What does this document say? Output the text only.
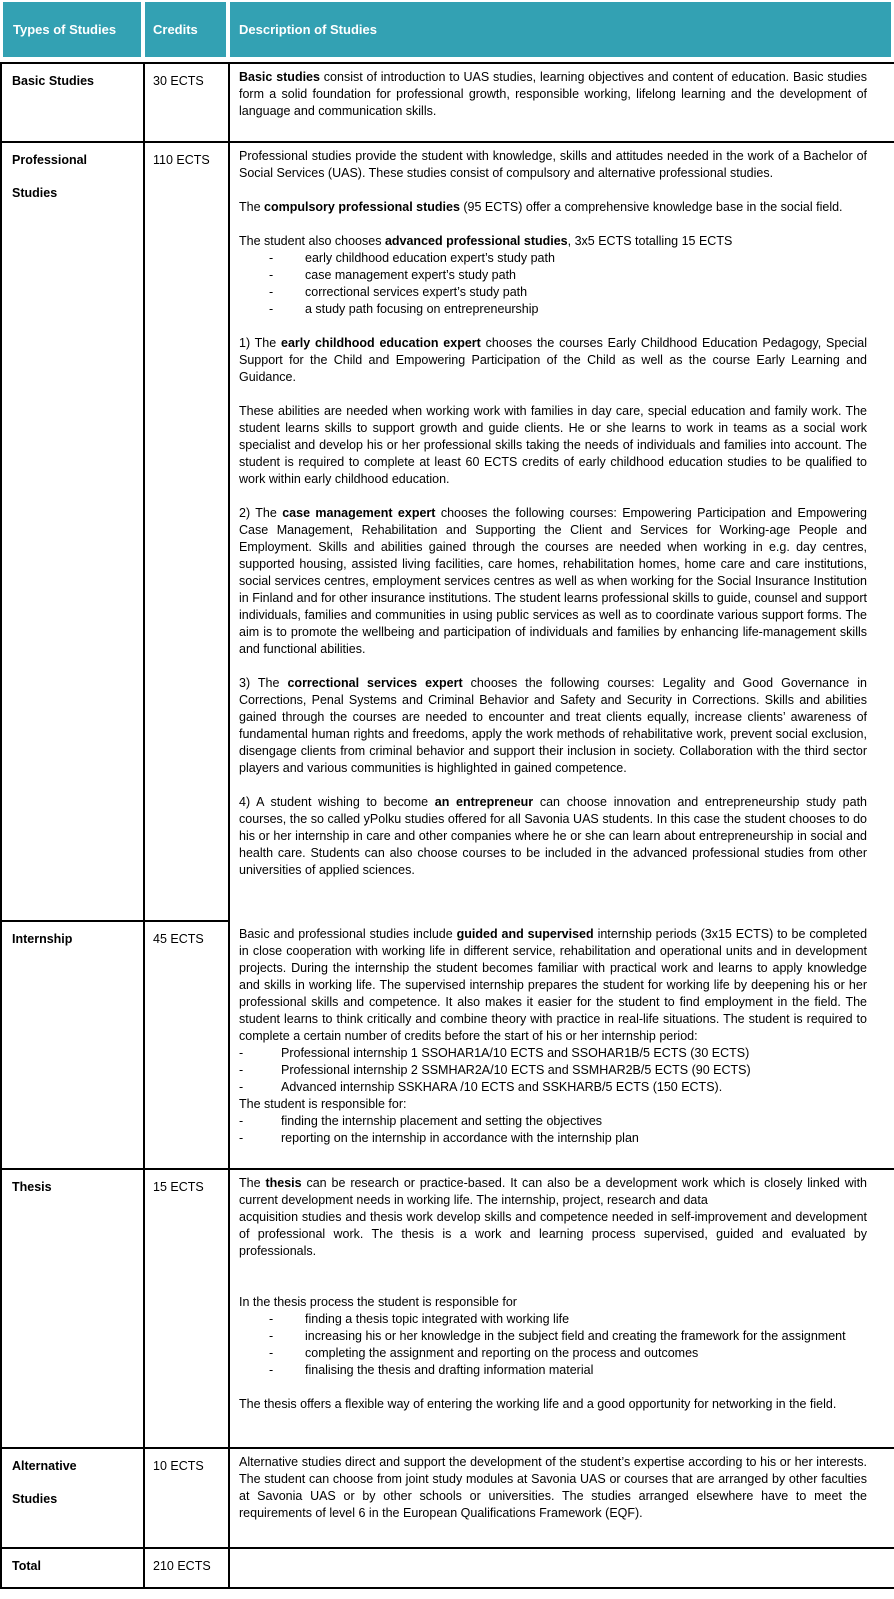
Types of Studies	Credits	Description of Studies
Basic Studies	30 ECTS	Basic studies consist of introduction to UAS studies, learning objectives and content of education. Basic studies form a solid foundation for professional growth, responsible working, lifelong learning and the development of language and communication skills.

Professional
Studies
	110 ECTS	Professional studies provide the student with knowledge, skills and attitudes needed in the work of a Bachelor of Social Services (UAS). These studies consist of compulsory and alternative professional studies.
The compulsory professional studies (95 ECTS) offer a comprehensive knowledge base in the social field.
The student also chooses advanced professional studies, 3x5 ECTS totalling 15 ECTS
-	early childhood education expert’s study path
-	case management expert’s study path
-	correctional services expert’s study path
-	a study path focusing on entrepreneurship
1) The early childhood education expert chooses the courses Early Childhood Education Pedagogy, Special Support for the Child and Empowering Participation of the Child as well as the course Early Learning and Guidance.
These abilities are needed when working work with families in day care, special education and family work. The student learns skills to support growth and guide clients. He or she learns to work in teams as a social work specialist and develop his or her professional skills taking the needs of individuals and families into account. The student is required to complete at least 60 ECTS credits of early childhood education studies to be qualified to work within early childhood education.
2) The case management expert chooses the following courses: Empowering Participation and Empowering Case Management, Rehabilitation and Supporting the Client and Services for Working-age People and Employment. Skills and abilities gained through the courses are needed when working in e.g. day centres, supported housing, assisted living facilities, care homes, rehabilitation homes, home care and care institutions, social services centres, employment services centres as well as when working for the Social Insurance Institution in Finland and for other insurance institutions. The student learns professional skills to guide, counsel and support individuals, families and communities in using public services as well as to coordinate various support forms. The aim is to promote the wellbeing and participation of individuals and families by enhancing life-management skills and functional abilities.
3) The correctional services expert chooses the following courses: Legality and Good Governance in Corrections, Penal Systems and Criminal Behavior and Safety and Security in Corrections. Skills and abilities gained through the courses are needed to encounter and treat clients equally, increase clients’ awareness of fundamental human rights and freedoms, apply the work methods of rehabilitative work, prevent social exclusion, disengage clients from criminal behavior and support their inclusion in society. Collaboration with the third sector players and various communities is highlighted in gained competence.
4) A student wishing to become an entrepreneur can choose innovation and entrepreneurship study path courses, the so called yPolku studies offered for all Savonia UAS students. In this case the student chooses to do his or her internship in care and other companies where he or she can learn about entrepreneurship in social and health care. Students can also choose courses to be included in the advanced professional studies from other universities of applied sciences.

Internship	45 ECTS	Basic and professional studies include guided and supervised internship periods (3x15 ECTS) to be completed in close cooperation with working life in different service, rehabilitation and operational units and in development projects. During the internship the student becomes familiar with practical work and learns to apply knowledge and skills in working life. The supervised internship prepares the student for working life by deepening his or her professional skills and competence. It also makes it easier for the student to find employment in the field. The student learns to think critically and combine theory with practice in real-life situations. The student is required to complete a certain number of credits before the start of his or her internship period:
-	Professional internship 1 SSOHAR1A/10 ECTS and SSOHAR1B/5 ECTS (30 ECTS)
-	Professional internship 2 SSMHAR2A/10 ECTS and SSMHAR2B/5 ECTS (90 ECTS)
-	Advanced internship SSKHARA /10 ECTS and SSKHARB/5 ECTS (150 ECTS).
The student is responsible for:
-	finding the internship placement and setting the objectives
-	reporting on the internship in accordance with the internship plan

Thesis	15 ECTS	The thesis can be research or practice-based. It can also be a development work which is closely linked with current development needs in working life. The internship, project, research and data
acquisition studies and thesis work develop skills and competence needed in self-improvement and development of professional work. The thesis is a work and learning process supervised, guided and evaluated by professionals.
In the thesis process the student is responsible for
-	finding a thesis topic integrated with working life
-	increasing his or her knowledge in the subject field and creating the framework for the assignment
-	completing the assignment and reporting on the process and outcomes
-	finalising the thesis and drafting information material
The thesis offers a flexible way of entering the working life and a good opportunity for networking in the field.

Alternative
Studies	10 ECTS	Alternative studies direct and support the development of the student’s expertise according to his or her interests. The student can choose from joint study modules at Savonia UAS or courses that are arranged by other faculties at Savonia UAS or by other schools or universities. The studies arranged elsewhere have to meet the requirements of level 6 in the European Qualifications Framework (EQF).

Total	210 ECTS	
